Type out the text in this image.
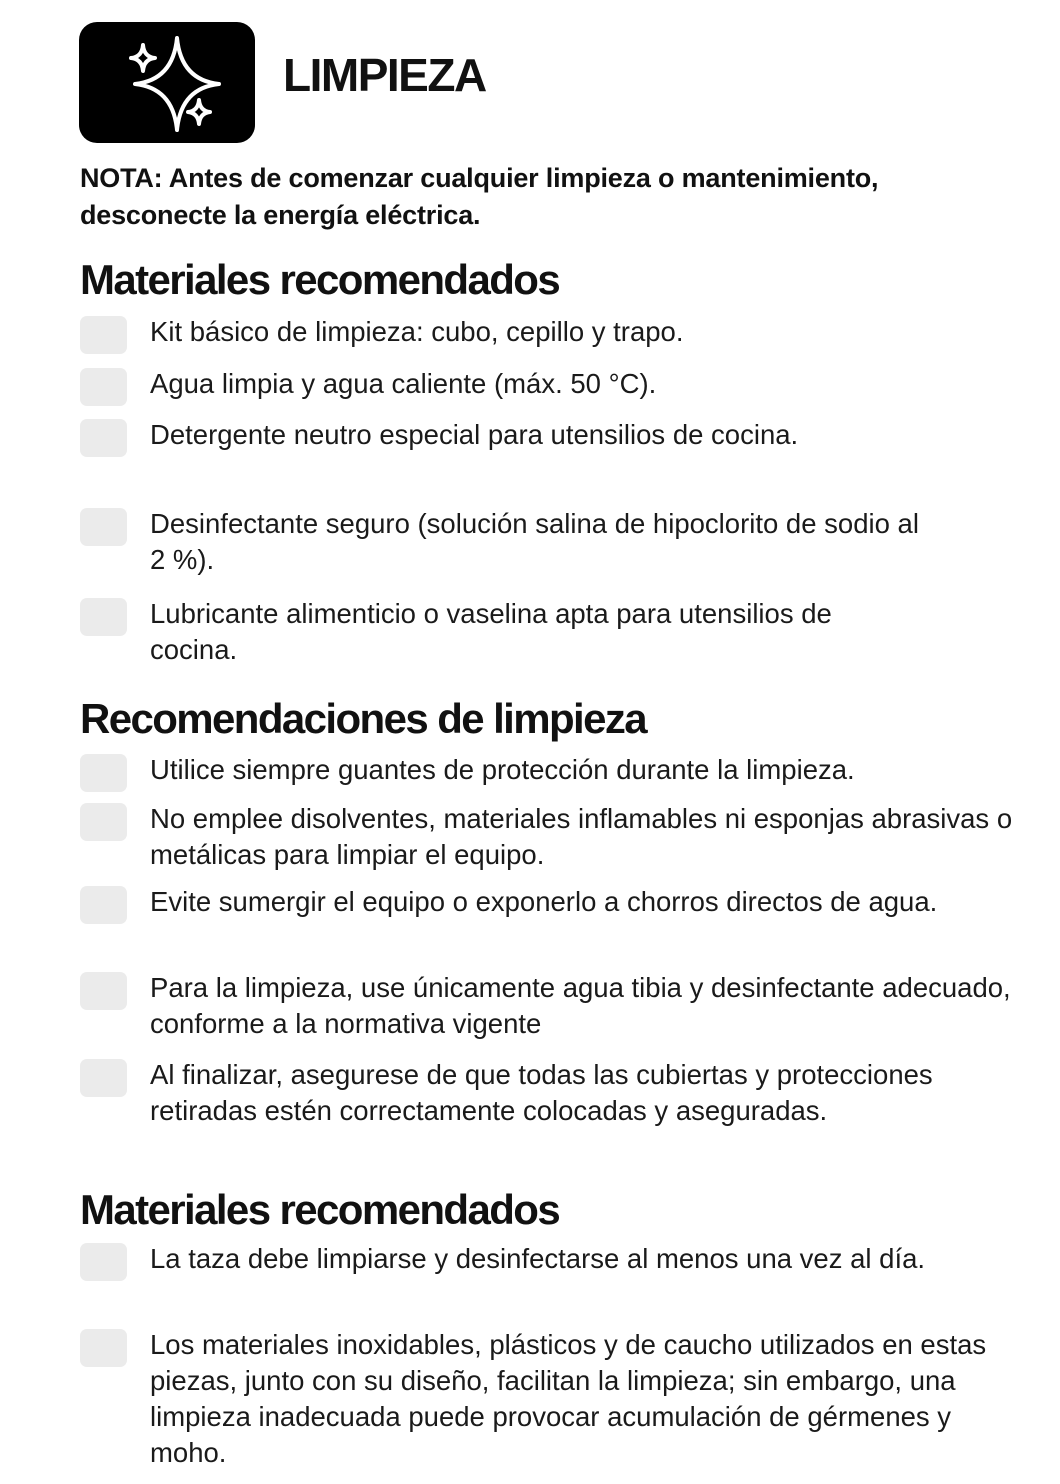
LIMPIEZA
NOTA: Antes de comenzar cualquier limpieza o mantenimiento, desconecte la energía eléctrica.
Materiales recomendados
Kit básico de limpieza: cubo, cepillo y trapo.
Agua limpia y agua caliente (máx. 50 °C).
Detergente neutro especial para utensilios de cocina.
Desinfectante seguro (solución salina de hipoclorito de sodio al 2 %).
Lubricante alimenticio o vaselina apta para utensilios de cocina.
Recomendaciones de limpieza
Utilice siempre guantes de protección durante la limpieza.
No emplee disolventes, materiales inflamables ni esponjas abrasivas o metálicas para limpiar el equipo.
Evite sumergir el equipo o exponerlo a chorros directos de agua.
Para la limpieza, use únicamente agua tibia y desinfectante adecuado, conforme a la normativa vigente
Al finalizar, asegurese de que todas las cubiertas y protecciones retiradas estén correctamente colocadas y aseguradas.
Materiales recomendados
La taza debe limpiarse y desinfectarse al menos una vez al día.
Los materiales inoxidables, plásticos y de caucho utilizados en estas piezas, junto con su diseño, facilitan la limpieza; sin embargo, una limpieza inadecuada puede provocar acumulación de gérmenes y moho.
